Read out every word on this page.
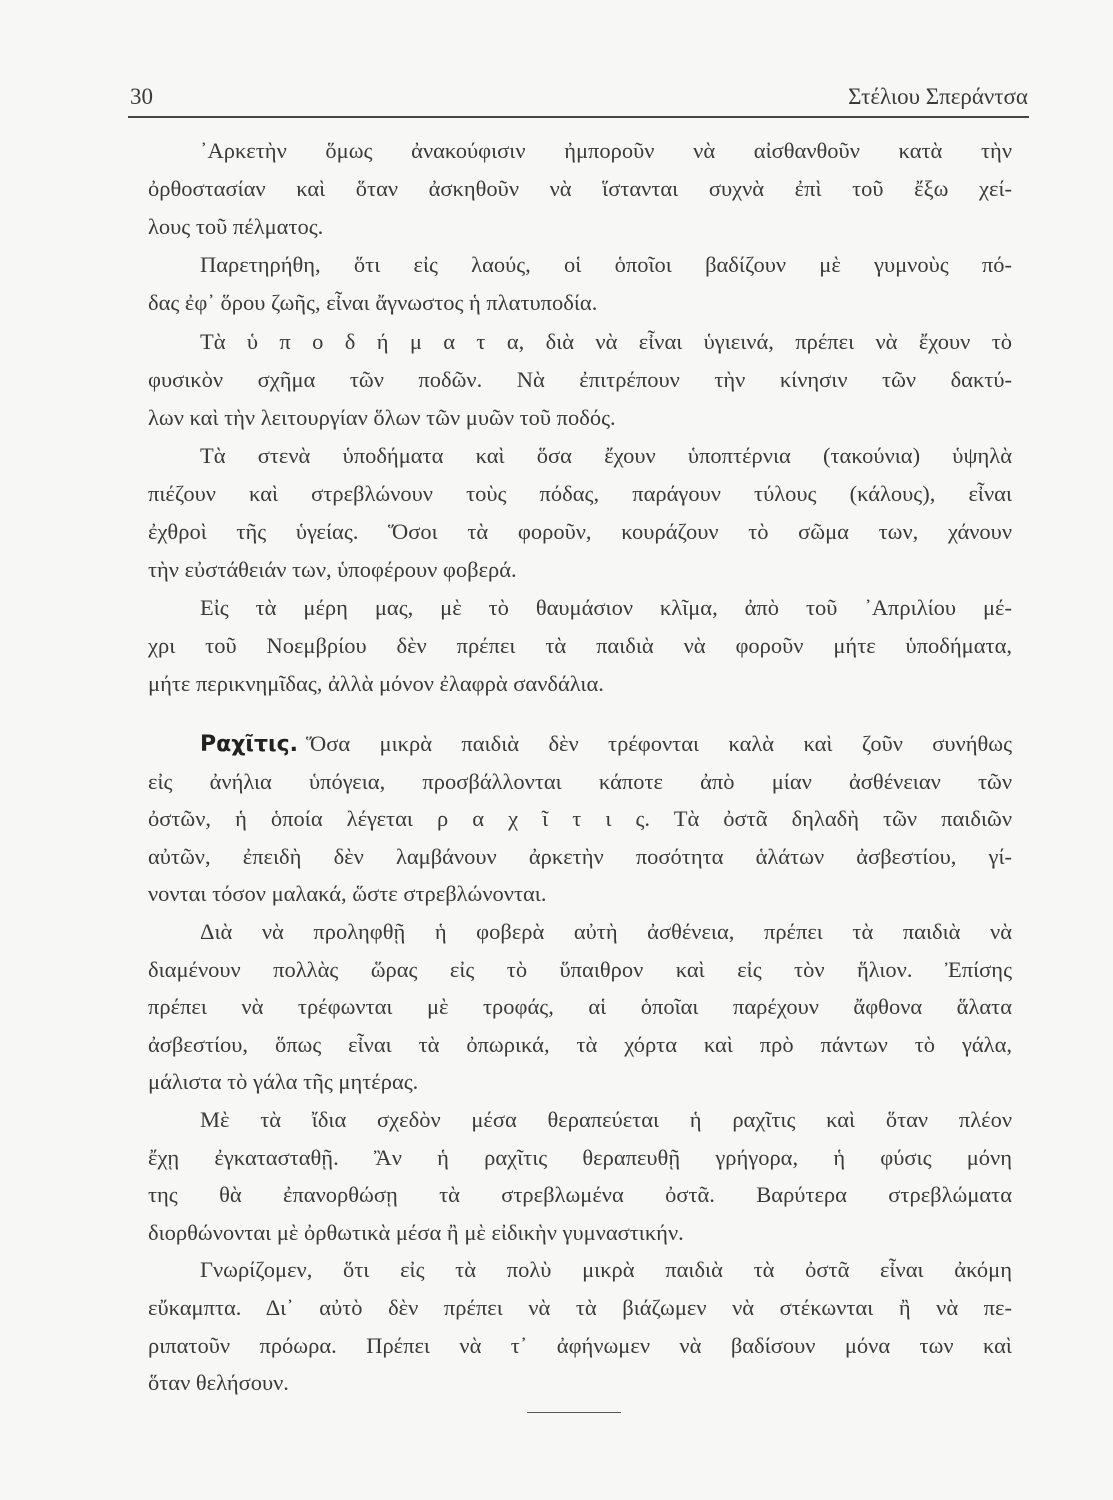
30	Στέλιου Σπεράντσα
᾿Αρκετὴν ὅμως ἀνακούφισιν ἠμποροῦν νὰ αἰσθανθοῦν κατὰ τὴν
ὀρθοστασίαν καὶ ὅταν ἀσκηθοῦν νὰ ἵστανται συχνὰ ἐπὶ τοῦ ἔξω χεί-
λους τοῦ πέλματος.
Παρετηρήθη, ὅτι εἰς λαούς, οἱ ὁποῖοι βαδίζουν μὲ γυμνοὺς πό-
δας ἐφ᾿ ὅρου ζωῆς, εἶναι ἄγνωστος ἡ πλατυποδία.
Τὰ ὑ π ο δ ή μ α τ α, διὰ νὰ εἶναι ὑγιεινά, πρέπει νὰ ἔχουν τὸ
φυσικὸν σχῆμα τῶν ποδῶν. Νὰ ἐπιτρέπουν τὴν κίνησιν τῶν δακτύ-
λων καὶ τὴν λειτουργίαν ὅλων τῶν μυῶν τοῦ ποδός.
Τὰ στενὰ ὑποδήματα καὶ ὅσα ἔχουν ὑποπτέρνια (τακούνια) ὑψηλὰ
πιέζουν καὶ στρεβλώνουν τοὺς πόδας, παράγουν τύλους (κάλους), εἶναι
ἐχθροὶ τῆς ὑγείας. Ὅσοι τὰ φοροῦν, κουράζουν τὸ σῶμα των, χάνουν
τὴν εὐστάθειάν των, ὑποφέρουν φοβερά.
Εἰς τὰ μέρη μας, μὲ τὸ θαυμάσιον κλῖμα, ἀπὸ τοῦ ᾿Απριλίου μέ-
χρι τοῦ Νοεμβρίου δὲν πρέπει τὰ παιδιὰ νὰ φοροῦν μήτε ὑποδήματα,
μήτε περικνημῖδας, ἀλλὰ μόνον ἐλαφρὰ σανδάλια.
Ραχῖτις. Ὅσα μικρὰ παιδιὰ δὲν τρέφονται καλὰ καὶ ζοῦν συνήθως
εἰς ἀνήλια ὑπόγεια, προσβάλλονται κάποτε ἀπὸ μίαν ἀσθένειαν τῶν
ὀστῶν, ἡ ὁποία λέγεται ρ α χ ῖ τ ι ς. Τὰ ὀστᾶ δηλαδὴ τῶν παιδιῶν
αὐτῶν, ἐπειδὴ δὲν λαμβάνουν ἀρκετὴν ποσότητα ἁλάτων ἀσβεστίου, γί-
νονται τόσον μαλακά, ὥστε στρεβλώνονται.
Διὰ νὰ προληφθῇ ἡ φοβερὰ αὐτὴ ἀσθένεια, πρέπει τὰ παιδιὰ νὰ
διαμένουν πολλὰς ὥρας εἰς τὸ ὕπαιθρον καὶ εἰς τὸν ἥλιον. Ἐπίσης
πρέπει νὰ τρέφωνται μὲ τροφάς, αἱ ὁποῖαι παρέχουν ἄφθονα ἅλατα
ἀσβεστίου, ὅπως εἶναι τὰ ὀπωρικά, τὰ χόρτα καὶ πρὸ πάντων τὸ γάλα,
μάλιστα τὸ γάλα τῆς μητέρας.
Μὲ τὰ ἴδια σχεδὸν μέσα θεραπεύεται ἡ ραχῖτις καὶ ὅταν πλέον
ἔχῃ ἐγκατασταθῇ. Ἂν ἡ ραχῖτις θεραπευθῇ γρήγορα, ἡ φύσις μόνη
της θὰ ἐπανορθώσῃ τὰ στρεβλωμένα ὀστᾶ. Βαρύτερα στρεβλώματα
διορθώνονται μὲ ὀρθωτικὰ μέσα ἢ μὲ εἰδικὴν γυμναστικήν.
Γνωρίζομεν, ὅτι εἰς τὰ πολὺ μικρὰ παιδιὰ τὰ ὀστᾶ εἶναι ἀκόμη
εὔκαμπτα. Δι᾿ αὐτὸ δὲν πρέπει νὰ τὰ βιάζωμεν νὰ στέκωνται ἢ νὰ πε-
ριπατοῦν πρόωρα. Πρέπει νὰ τ᾿ ἀφήνωμεν νὰ βαδίσουν μόνα των καὶ
ὅταν θελήσουν.
